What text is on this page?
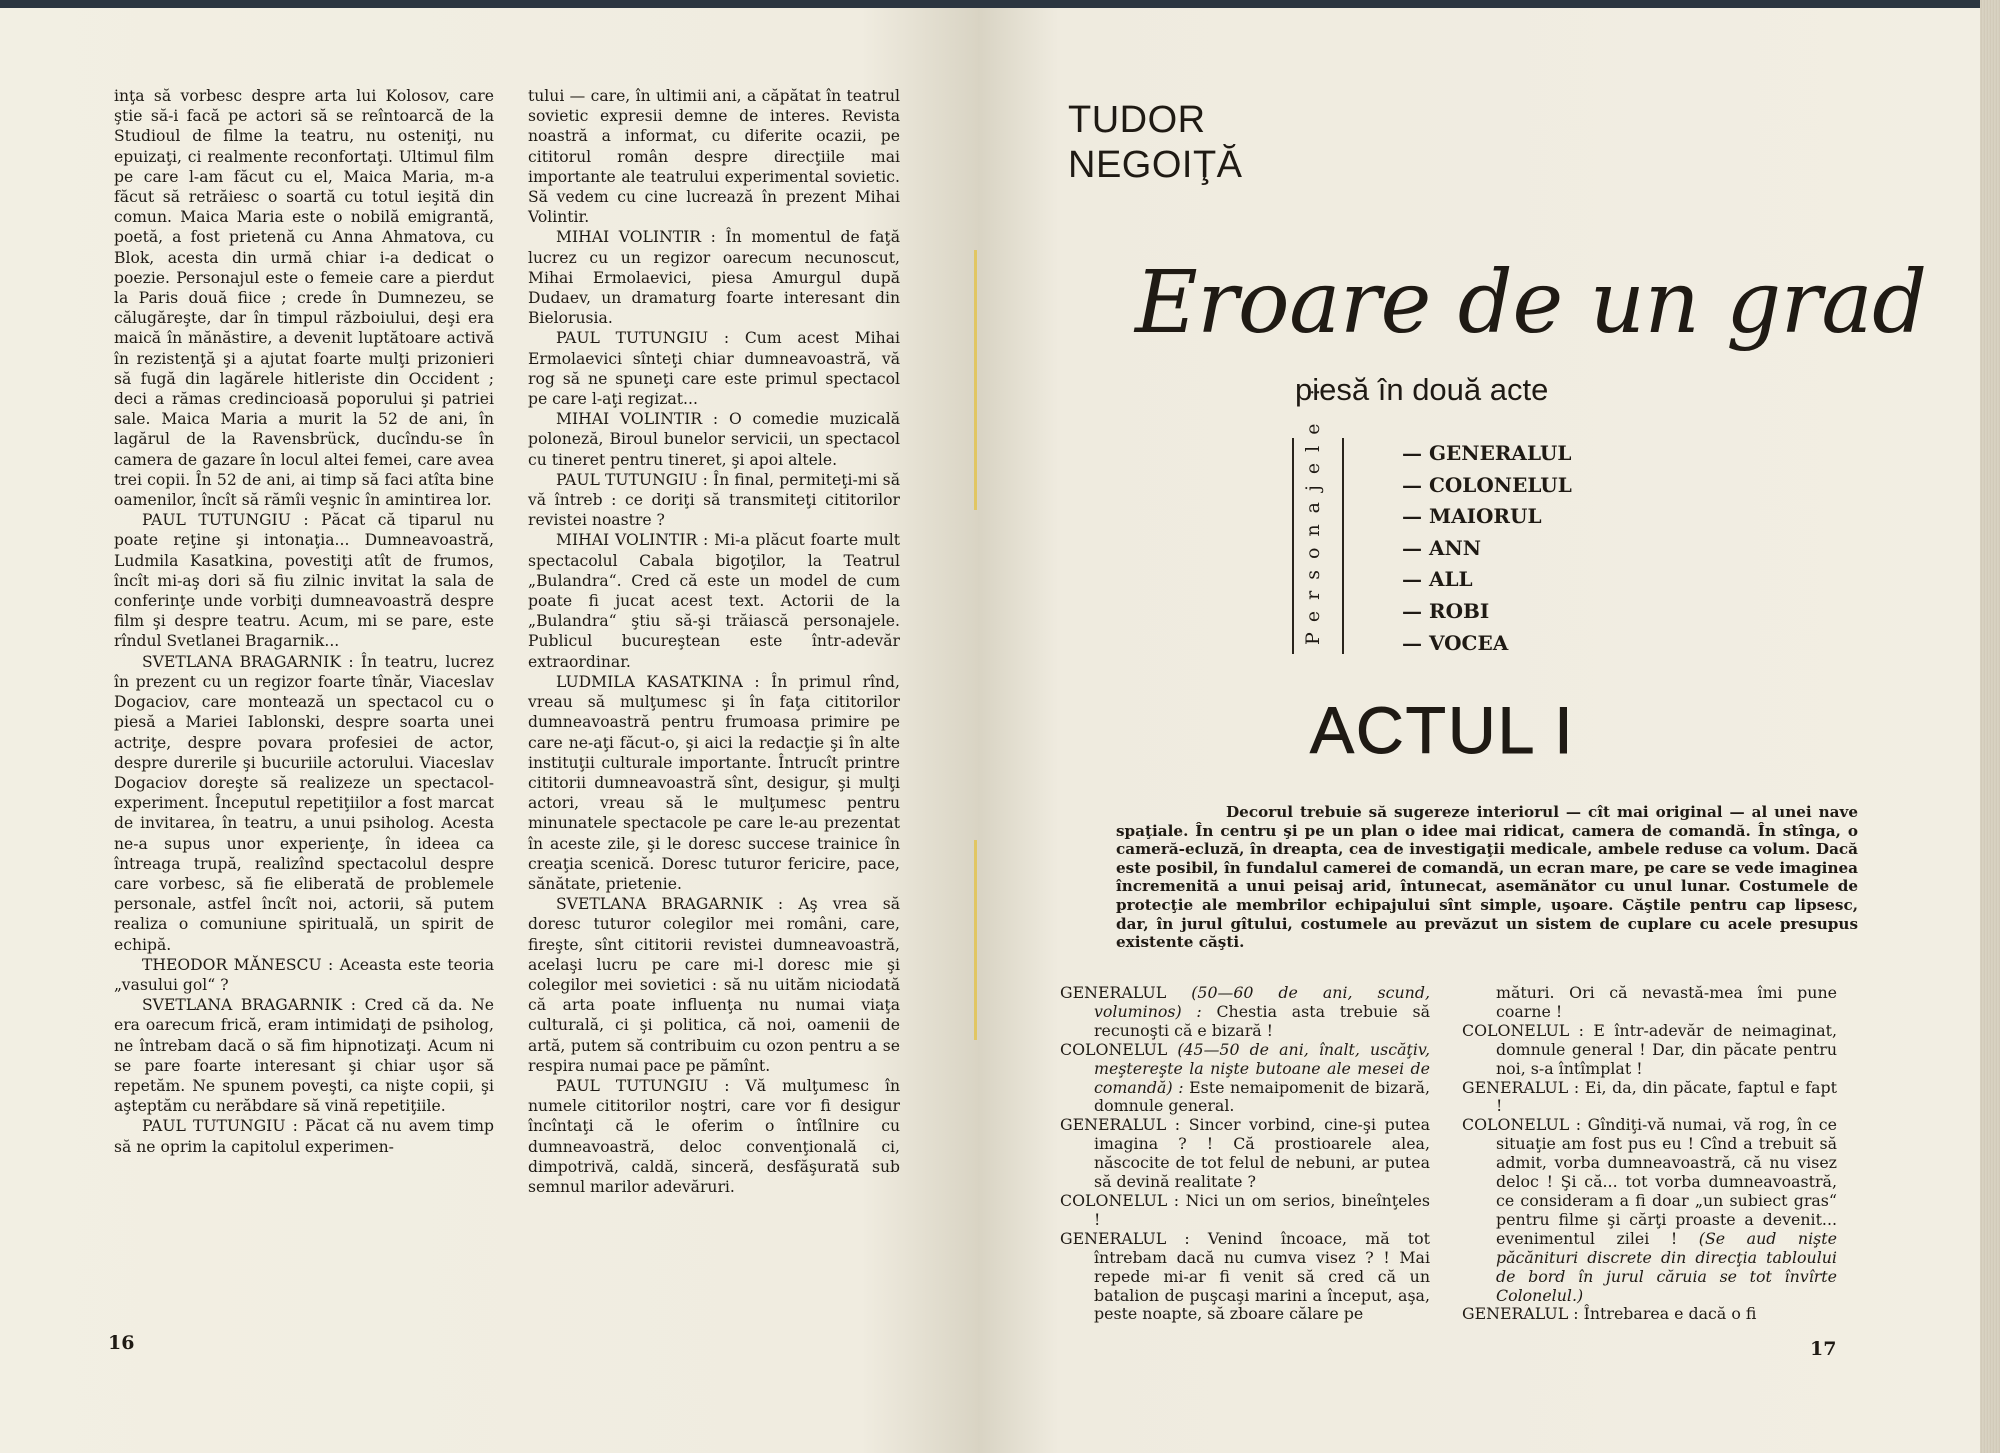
inţa să vorbesc despre arta lui Kolosov, care ştie să-i facă pe actori să se reîntoarcă de la Studioul de filme la teatru, nu osteniţi, nu epuizaţi, ci realmente reconfortaţi. Ultimul film pe care l-am făcut cu el, Maica Maria, m-a făcut să retrăiesc o soartă cu totul ieşită din comun. Maica Maria este o nobilă emigrantă, poetă, a fost prietenă cu Anna Ahmatova, cu Blok, acesta din urmă chiar i-a dedicat o poezie. Personajul este o femeie care a pierdut la Paris două fiice ; crede în Dumnezeu, se călugăreşte, dar în timpul războiului, deşi era maică în mănăstire, a devenit luptătoare activă în rezistenţă şi a ajutat foarte mulţi prizonieri să fugă din lagărele hitleriste din Occident ; deci a rămas credincioasă poporului şi patriei sale. Maica Maria a murit la 52 de ani, în lagărul de la Ravensbrück, ducîndu-se în camera de gazare în locul altei femei, care avea trei copii. În 52 de ani, ai timp să faci atîta bine oamenilor, încît să rămîi veşnic în amintirea lor.

PAUL TUTUNGIU : Păcat că tiparul nu poate reţine şi intonaţia... Dumneavoastră, Ludmila Kasatkina, povestiţi atît de frumos, încît mi-aş dori să fiu zilnic invitat la sala de conferinţe unde vorbiţi dumneavoastră despre film şi despre teatru. Acum, mi se pare, este rîndul Svetlanei Bragarnik...

SVETLANA BRAGARNIK : În teatru, lucrez în prezent cu un regizor foarte tînăr, Viaceslav Dogaciov, care montează un spectacol cu o piesă a Mariei Iablonski, despre soarta unei actriţe, despre povara profesiei de actor, despre durerile şi bucuriile actorului. Viaceslav Dogaciov doreşte să realizeze un spectacol-experiment. Începutul repetiţiilor a fost marcat de invitarea, în teatru, a unui psiholog. Acesta ne-a supus unor experienţe, în ideea ca întreaga trupă, realizînd spectacolul despre care vorbesc, să fie eliberată de problemele personale, astfel încît noi, actorii, să putem realiza o comuniune spirituală, un spirit de echipă.

THEODOR MĂNESCU : Aceasta este teoria „vasului gol“ ?

SVETLANA BRAGARNIK : Cred că da. Ne era oarecum frică, eram intimidaţi de psiholog, ne întrebam dacă o să fim hipnotizaţi. Acum ni se pare foarte interesant şi chiar uşor să repetăm. Ne spunem poveşti, ca nişte copii, şi aşteptăm cu nerăbdare să vină repetiţiile.

PAUL TUTUNGIU : Păcat că nu avem timp să ne oprim la capitolul experimen-

tului — care, în ultimii ani, a căpătat în teatrul sovietic expresii demne de interes. Revista noastră a informat, cu diferite ocazii, pe cititorul român despre direcţiile mai importante ale teatrului experimental sovietic. Să vedem cu cine lucrează în prezent Mihai Volintir.

MIHAI VOLINTIR : În momentul de faţă lucrez cu un regizor oarecum necunoscut, Mihai Ermolaevici, piesa Amurgul după Dudaev, un dramaturg foarte interesant din Bielorusia.

PAUL TUTUNGIU : Cum acest Mihai Ermolaevici sînteţi chiar dumneavoastră, vă rog să ne spuneţi care este primul spectacol pe care l-aţi regizat...

MIHAI VOLINTIR : O comedie muzicală poloneză, Biroul bunelor servicii, un spectacol cu tineret pentru tineret, şi apoi altele.

PAUL TUTUNGIU : În final, permiteţi-mi să vă întreb : ce doriţi să transmiteţi cititorilor revistei noastre ?

MIHAI VOLINTIR : Mi-a plăcut foarte mult spectacolul Cabala bigoţilor, la Teatrul „Bulandra“. Cred că este un model de cum poate fi jucat acest text. Actorii de la „Bulandra“ ştiu să-şi trăiască personajele. Publicul bucureştean este într-adevăr extraordinar.

LUDMILA KASATKINA : În primul rînd, vreau să mulţumesc şi în faţa cititorilor dumneavoastră pentru frumoasa primire pe care ne-aţi făcut-o, şi aici la redacţie şi în alte instituţii culturale importante. Întrucît printre cititorii dumneavoastră sînt, desigur, şi mulţi actori, vreau să le mulţumesc pentru minunatele spectacole pe care le-au prezentat în aceste zile, şi le doresc succese trainice în creaţia scenică. Doresc tuturor fericire, pace, sănătate, prietenie.

SVETLANA BRAGARNIK : Aş vrea să doresc tuturor colegilor mei români, care, fireşte, sînt cititorii revistei dumneavoastră, acelaşi lucru pe care mi-l doresc mie şi colegilor mei sovietici : să nu uităm niciodată că arta poate influenţa nu numai viaţa culturală, ci şi politica, că noi, oamenii de artă, putem să contribuim cu ozon pentru a se respira numai pace pe pămînt.

PAUL TUTUNGIU : Vă mulţumesc în numele cititorilor noştri, care vor fi desigur încîntaţi că le oferim o întîlnire cu dumneavoastră, deloc convenţională ci, dimpotrivă, caldă, sinceră, desfăşurată sub semnul marilor adevăruri.

16
TUDOR
NEGOIŢĂ
Eroare de un grad
piesă în două acte
Personajele :	— GENERALUL
— COLONELUL
— MAIORUL
— ANN
— ALL
— ROBI
— VOCEA
ACTUL I

Decorul trebuie să sugereze interiorul — cît mai original — al unei nave spaţiale. În centru şi pe un plan o idee mai ridicat, camera de comandă. În stînga, o cameră-ecluză, în dreapta, cea de investigaţii medicale, ambele reduse ca volum. Dacă este posibil, în fundalul camerei de comandă, un ecran mare, pe care se vede imaginea încremenită a unui peisaj arid, întunecat, asemănător cu unul lunar. Costumele de protecţie ale membrilor echipajului sînt simple, uşoare. Căştile pentru cap lipsesc, dar, în jurul gîtului, costumele au prevăzut un sistem de cuplare cu acele presupus existente căşti.

GENERALUL (50—60 de ani, scund, voluminos) : Chestia asta trebuie să recunoşti că e bizară !

COLONELUL (45—50 de ani, înalt, uscăţiv, meştereşte la nişte butoane ale mesei de comandă) : Este nemaipomenit de bizară, domnule general.

GENERALUL : Sincer vorbind, cine-şi putea imagina ? ! Că prostioarele alea, născocite de tot felul de nebuni, ar putea să devină realitate ?

COLONELUL : Nici un om serios, bineînţeles !

GENERALUL : Venind încoace, mă tot întrebam dacă nu cumva visez ? ! Mai repede mi-ar fi venit să cred că un batalion de puşcaşi marini a început, aşa, peste noapte, să zboare călare pe

mături. Ori că nevastă-mea îmi pune coarne !

COLONELUL : E într-adevăr de neimaginat, domnule general ! Dar, din păcate pentru noi, s-a întîmplat !

GENERALUL : Ei, da, din păcate, faptul e fapt !

COLONELUL : Gîndiţi-vă numai, vă rog, în ce situaţie am fost pus eu ! Cînd a trebuit să admit, vorba dumneavoastră, că nu visez deloc ! Şi că... tot vorba dumneavoastră, ce consideram a fi doar „un subiect gras“ pentru filme şi cărţi proaste a devenit... evenimentul zilei ! (Se aud nişte păcănituri discrete din direcţia tabloului de bord în jurul căruia se tot învîrte Colonelul.)

GENERALUL : Întrebarea e dacă o fi

17
